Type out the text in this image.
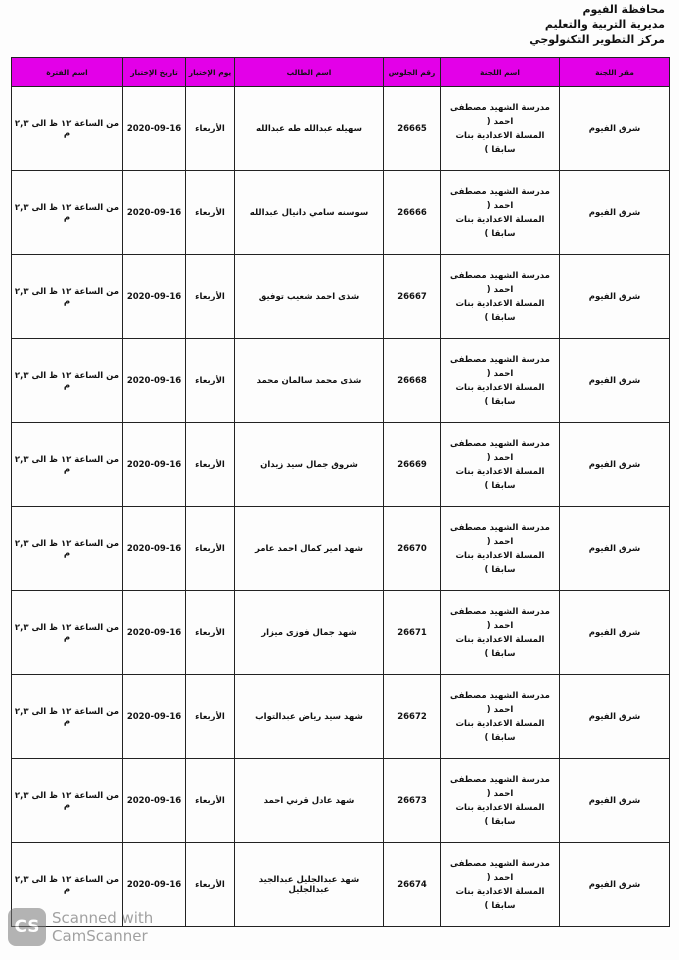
محافظة الفيوم
مديرية التربية والتعليم
مركز التطوير التكنولوجي
مقر اللجنة	اسم اللجنة	رقم الجلوس	اسم الطالب	يوم الإختبار	تاريخ الإختبار	اسم الفترة
شرق الفيوم	مدرسة الشهيد مصطفى احمد (
المسلة الاعدادية بنات سابقا )	26665	سهيله عبدالله طه عبدالله	الأربعاء	2020-09-16	من الساعة ١٢ ظ الى ٢,٣ م
شرق الفيوم	مدرسة الشهيد مصطفى احمد (
المسلة الاعدادية بنات سابقا )	26666	سوسنه سامي دانيال عبدالله	الأربعاء	2020-09-16	من الساعة ١٢ ظ الى ٢,٣ م
شرق الفيوم	مدرسة الشهيد مصطفى احمد (
المسلة الاعدادية بنات سابقا )	26667	شذى احمد شعيب توفيق	الأربعاء	2020-09-16	من الساعة ١٢ ظ الى ٢,٣ م
شرق الفيوم	مدرسة الشهيد مصطفى احمد (
المسلة الاعدادية بنات سابقا )	26668	شذى محمد سالمان محمد	الأربعاء	2020-09-16	من الساعة ١٢ ظ الى ٢,٣ م
شرق الفيوم	مدرسة الشهيد مصطفى احمد (
المسلة الاعدادية بنات سابقا )	26669	شروق جمال سيد زيدان	الأربعاء	2020-09-16	من الساعة ١٢ ظ الى ٢,٣ م
شرق الفيوم	مدرسة الشهيد مصطفى احمد (
المسلة الاعدادية بنات سابقا )	26670	شهد امير كمال احمد عامر	الأربعاء	2020-09-16	من الساعة ١٢ ظ الى ٢,٣ م
شرق الفيوم	مدرسة الشهيد مصطفى احمد (
المسلة الاعدادية بنات سابقا )	26671	شهد جمال فوزى ميزار	الأربعاء	2020-09-16	من الساعة ١٢ ظ الى ٢,٣ م
شرق الفيوم	مدرسة الشهيد مصطفى احمد (
المسلة الاعدادية بنات سابقا )	26672	شهد سيد رياض عبدالتواب	الأربعاء	2020-09-16	من الساعة ١٢ ظ الى ٢,٣ م
شرق الفيوم	مدرسة الشهيد مصطفى احمد (
المسلة الاعدادية بنات سابقا )	26673	شهد عادل قرني احمد	الأربعاء	2020-09-16	من الساعة ١٢ ظ الى ٢,٣ م
شرق الفيوم	مدرسة الشهيد مصطفى احمد (
المسلة الاعدادية بنات سابقا )	26674	شهد عبدالجليل عبدالجيد عبدالجليل	الأربعاء	2020-09-16	من الساعة ١٢ ظ الى ٢,٣ م
CS Scanned with
CamScanner
